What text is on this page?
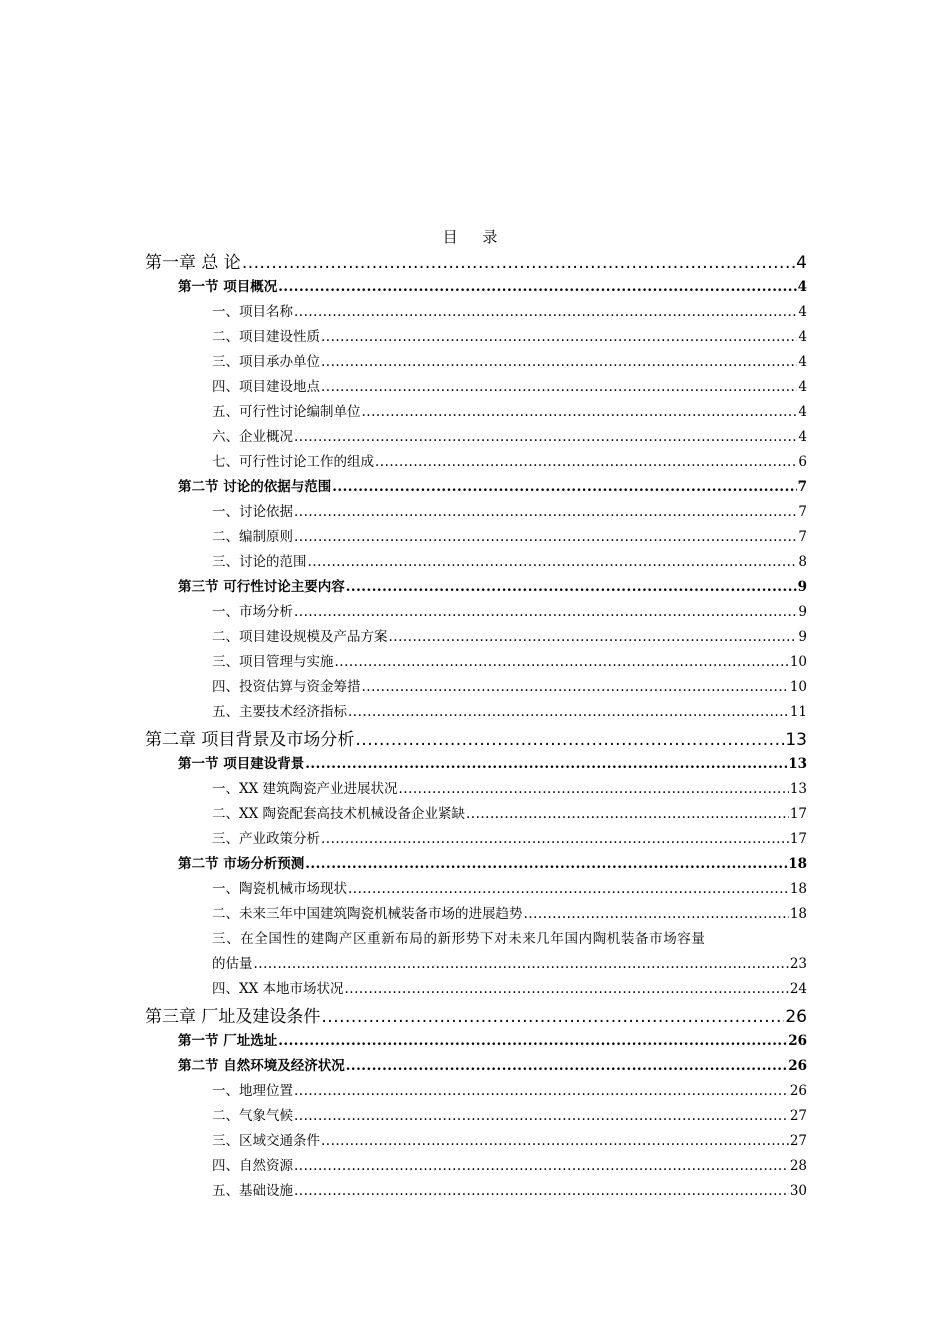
目 录
第一章 总 论 .....	4
第一节 项目概况 .....	4
一、项目名称 .....	4
二、项目建设性质 .....	4
三、项目承办单位 .....	4
四、项目建设地点 .....	4
五、可行性讨论编制单位 .....	4
六、企业概况 .....	4
七、可行性讨论工作的组成 .....	6
第二节 讨论的依据与范围 .....	7
一、讨论依据 .....	7
二、编制原则 .....	7
三、讨论的范围 .....	8
第三节 可行性讨论主要内容 .....	9
一、市场分析 .....	9
二、项目建设规模及产品方案 .....	9
三、项目管理与实施 .....	10
四、投资估算与资金筹措 .....	10
五、主要技术经济指标 .....	11
第二章 项目背景及市场分析 .....	13
第一节 项目建设背景 .....	13
一、XX 建筑陶瓷产业进展状况 .....	13
二、XX 陶瓷配套高技术机械设备企业紧缺 .....	17
三、产业政策分析 .....	17
第二节 市场分析预测 .....	18
一、陶瓷机械市场现状 .....	18
二、未来三年中国建筑陶瓷机械装备市场的进展趋势 .....	18
三、在全国性的建陶产区重新布局的新形势下对未来几年国内陶机装备市场容量
的估量 .....	23
四、XX 本地市场状况 .....	24
第三章 厂址及建设条件 .....	26
第一节 厂址选址 .....	26
第二节 自然环境及经济状况 .....	26
一、地理位置 .....	26
二、气象气候 .....	27
三、区域交通条件 .....	27
四、自然资源 .....	28
五、基础设施 .....	30
